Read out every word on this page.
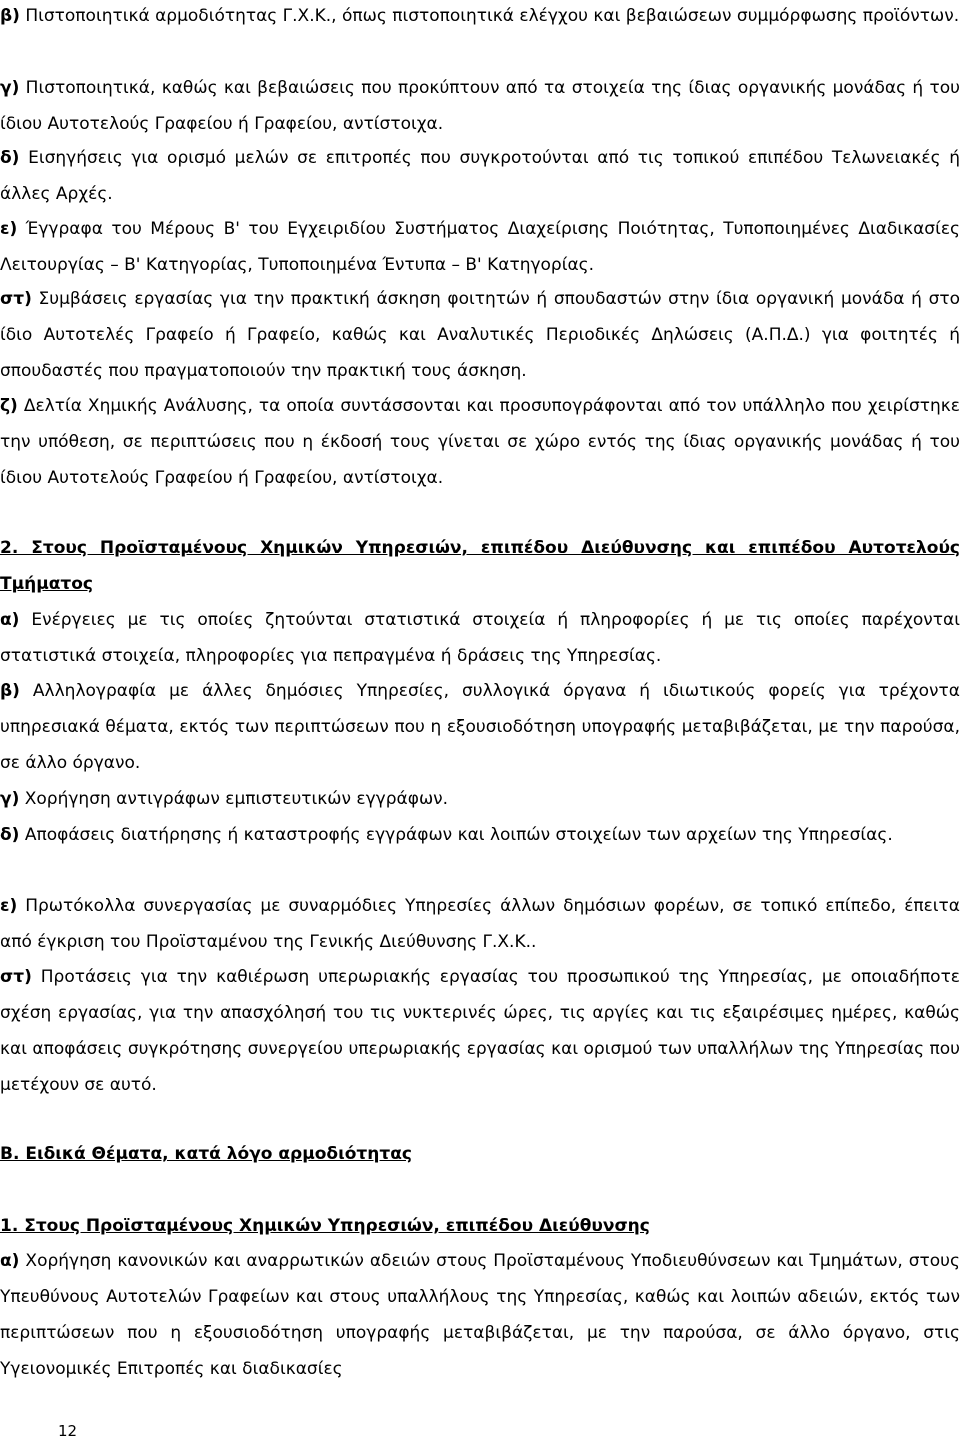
β) Πιστοποιητικά αρμοδιότητας Γ.Χ.Κ., όπως πιστοποιητικά ελέγχου και βεβαιώσεων συμμόρφωσης προϊόντων.
γ) Πιστοποιητικά, καθώς και βεβαιώσεις που προκύπτουν από τα στοιχεία της ίδιας οργανικής μονάδας ή του ίδιου Αυτοτελούς Γραφείου ή Γραφείου, αντίστοιχα.
δ) Εισηγήσεις για ορισμό μελών σε επιτροπές που συγκροτούνται από τις τοπικού επιπέδου Τελωνειακές ή άλλες Αρχές.
ε) Έγγραφα του Μέρους Β' του Εγχειριδίου Συστήματος Διαχείρισης Ποιότητας, Τυποποιημένες Διαδικασίες Λειτουργίας – Β' Κατηγορίας, Τυποποιημένα Έντυπα – Β' Κατηγορίας.
στ) Συμβάσεις εργασίας για την πρακτική άσκηση φοιτητών ή σπουδαστών στην ίδια οργανική μονάδα ή στο ίδιο Αυτοτελές Γραφείο ή Γραφείο, καθώς και Αναλυτικές Περιοδικές Δηλώσεις (Α.Π.Δ.) για φοιτητές ή σπουδαστές που πραγματοποιούν την πρακτική τους άσκηση.
ζ) Δελτία Χημικής Ανάλυσης, τα οποία συντάσσονται και προσυπογράφονται από τον υπάλληλο που χειρίστηκε την υπόθεση, σε περιπτώσεις που η έκδοσή τους γίνεται σε χώρο εντός της ίδιας οργανικής μονάδας ή του ίδιου Αυτοτελούς Γραφείου ή Γραφείου, αντίστοιχα.
2. Στους Προϊσταμένους Χημικών Υπηρεσιών, επιπέδου Διεύθυνσης και επιπέδου Αυτοτελούς Τμήματος
α) Ενέργειες με τις οποίες ζητούνται στατιστικά στοιχεία ή πληροφορίες ή με τις οποίες παρέχονται στατιστικά στοιχεία, πληροφορίες για πεπραγμένα ή δράσεις της Υπηρεσίας.
β) Αλληλογραφία με άλλες δημόσιες Υπηρεσίες, συλλογικά όργανα ή ιδιωτικούς φορείς για τρέχοντα υπηρεσιακά θέματα, εκτός των περιπτώσεων που η εξουσιοδότηση υπογραφής μεταβιβάζεται, με την παρούσα, σε άλλο όργανο.
γ) Χορήγηση αντιγράφων εμπιστευτικών εγγράφων.
δ) Αποφάσεις διατήρησης ή καταστροφής εγγράφων και λοιπών στοιχείων των αρχείων της Υπηρεσίας.
ε) Πρωτόκολλα συνεργασίας με συναρμόδιες Υπηρεσίες άλλων δημόσιων φορέων, σε τοπικό επίπεδο, έπειτα από έγκριση του Προϊσταμένου της Γενικής Διεύθυνσης Γ.Χ.Κ..
στ) Προτάσεις για την καθιέρωση υπερωριακής εργασίας του προσωπικού της Υπηρεσίας, με οποιαδήποτε σχέση εργασίας, για την απασχόλησή του τις νυκτερινές ώρες, τις αργίες και τις εξαιρέσιμες ημέρες, καθώς και αποφάσεις συγκρότησης συνεργείου υπερωριακής εργασίας και ορισμού των υπαλλήλων της Υπηρεσίας που μετέχουν σε αυτό.
Β. Ειδικά Θέματα, κατά λόγο αρμοδιότητας
1. Στους Προϊσταμένους Χημικών Υπηρεσιών, επιπέδου Διεύθυνσης
α) Χορήγηση κανονικών και αναρρωτικών αδειών στους Προϊσταμένους Υποδιευθύνσεων και Τμημάτων, στους Υπευθύνους Αυτοτελών Γραφείων και στους υπαλλήλους της Υπηρεσίας, καθώς και λοιπών αδειών, εκτός των περιπτώσεων που η εξουσιοδότηση υπογραφής μεταβιβάζεται, με την παρούσα, σε άλλο όργανο, στις Υγειονομικές Επιτροπές και διαδικασίες
12
